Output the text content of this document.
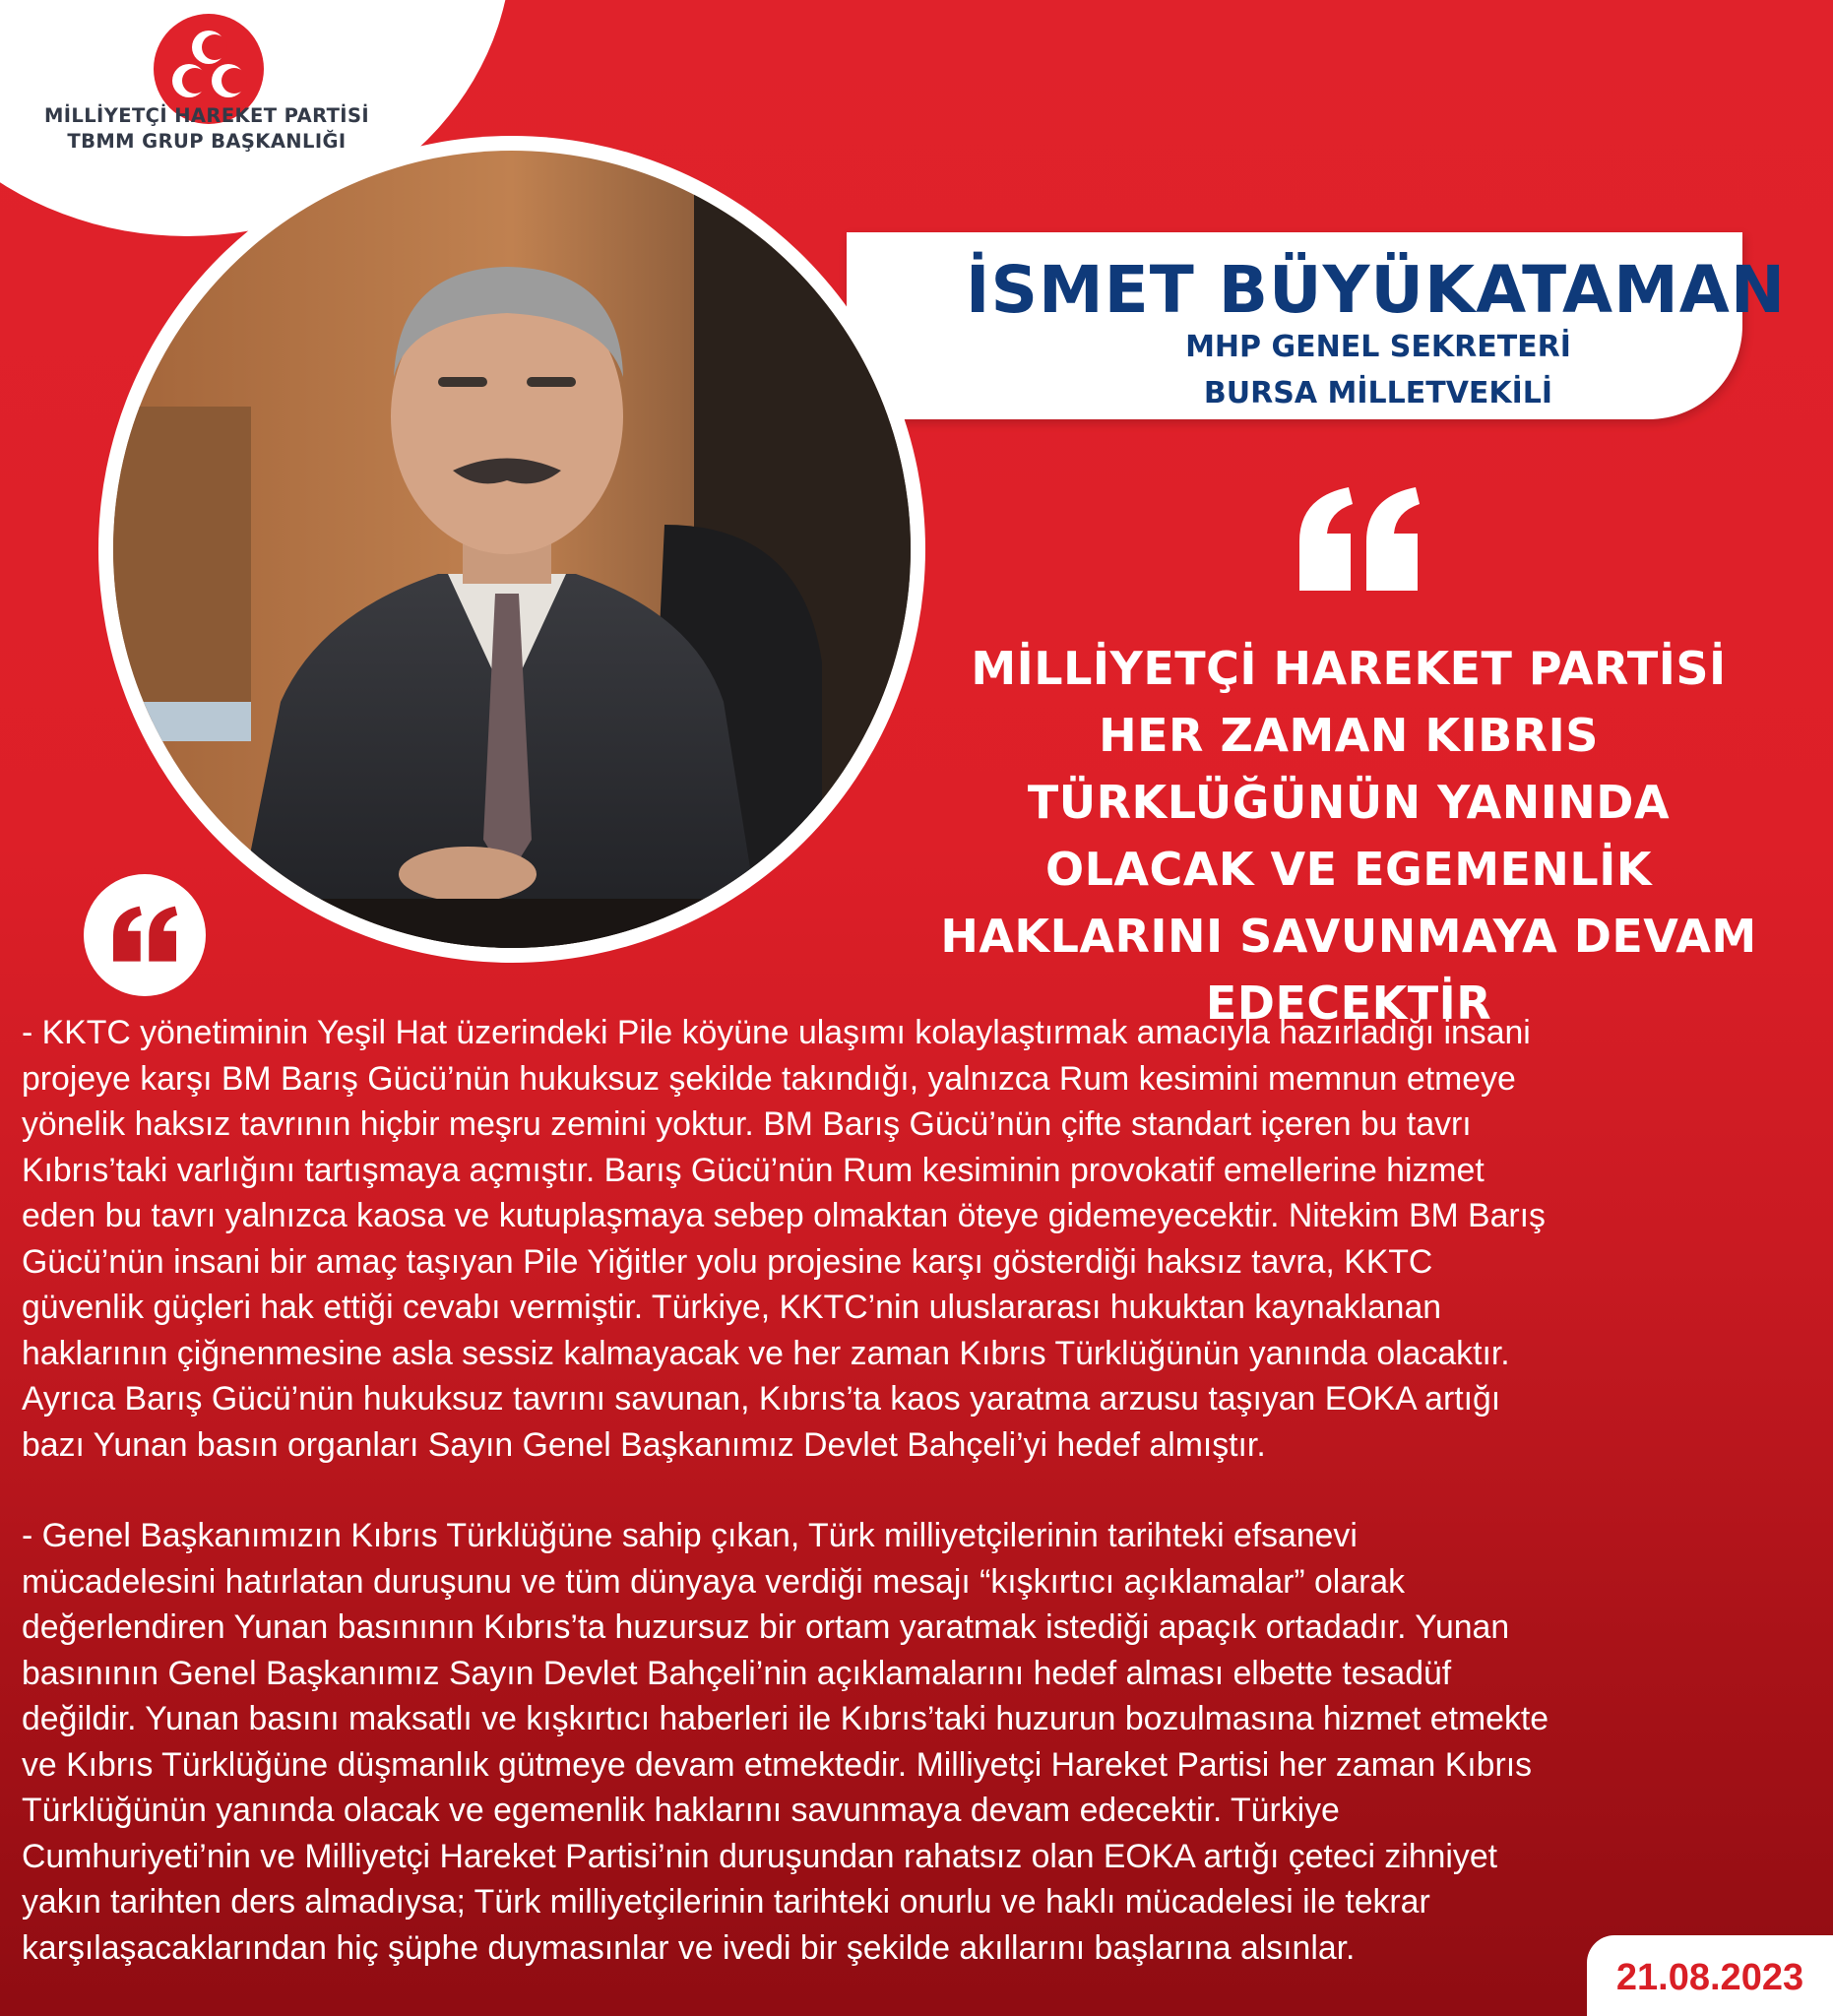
MİLLİYETÇİ HAREKET PARTİSİ
TBMM GRUP BAŞKANLIĞI
İSMET BÜYÜKATAMAN
MHP GENEL SEKRETERİ
BURSA MİLLETVEKİLİ
MİLLİYETÇİ HAREKET PARTİSİ HER ZAMAN KIBRIS TÜRKLÜĞÜNÜN YANINDA OLACAK VE EGEMENLİK HAKLARINI SAVUNMAYA DEVAM EDECEKTİR

- KKTC yönetiminin Yeşil Hat üzerindeki Pile köyüne ulaşımı kolaylaştırmak amacıyla hazırladığı insani
projeye karşı BM Barış Gücü’nün hukuksuz şekilde takındığı, yalnızca Rum kesimini memnun etmeye
yönelik haksız tavrının hiçbir meşru zemini yoktur. BM Barış Gücü’nün çifte standart içeren bu tavrı
Kıbrıs’taki varlığını tartışmaya açmıştır. Barış Gücü’nün Rum kesiminin provokatif emellerine hizmet
eden bu tavrı yalnızca kaosa ve kutuplaşmaya sebep olmaktan öteye gidemeyecektir. Nitekim BM Barış
Gücü’nün insani bir amaç taşıyan Pile Yiğitler yolu projesine karşı gösterdiği haksız tavra, KKTC
güvenlik güçleri hak ettiği cevabı vermiştir. Türkiye, KKTC’nin uluslararası hukuktan kaynaklanan
haklarının çiğnenmesine asla sessiz kalmayacak ve her zaman Kıbrıs Türklüğünün yanında olacaktır.
Ayrıca Barış Gücü’nün hukuksuz tavrını savunan, Kıbrıs’ta kaos yaratma arzusu taşıyan EOKA artığı
bazı Yunan basın organları Sayın Genel Başkanımız Devlet Bahçeli’yi hedef almıştır.

- Genel Başkanımızın Kıbrıs Türklüğüne sahip çıkan, Türk milliyetçilerinin tarihteki efsanevi
mücadelesini hatırlatan duruşunu ve tüm dünyaya verdiği mesajı “kışkırtıcı açıklamalar” olarak
değerlendiren Yunan basınının Kıbrıs’ta huzursuz bir ortam yaratmak istediği apaçık ortadadır. Yunan
basınının Genel Başkanımız Sayın Devlet Bahçeli’nin açıklamalarını hedef alması elbette tesadüf
değildir. Yunan basını maksatlı ve kışkırtıcı haberleri ile Kıbrıs’taki huzurun bozulmasına hizmet etmekte
ve Kıbrıs Türklüğüne düşmanlık gütmeye devam etmektedir. Milliyetçi Hareket Partisi her zaman Kıbrıs
Türklüğünün yanında olacak ve egemenlik haklarını savunmaya devam edecektir. Türkiye
Cumhuriyeti’nin ve Milliyetçi Hareket Partisi’nin duruşundan rahatsız olan EOKA artığı çeteci zihniyet
yakın tarihten ders almadıysa; Türk milliyetçilerinin tarihteki onurlu ve haklı mücadelesi ile tekrar
karşılaşacaklarından hiç şüphe duymasınlar ve ivedi bir şekilde akıllarını başlarına alsınlar.

21.08.2023
